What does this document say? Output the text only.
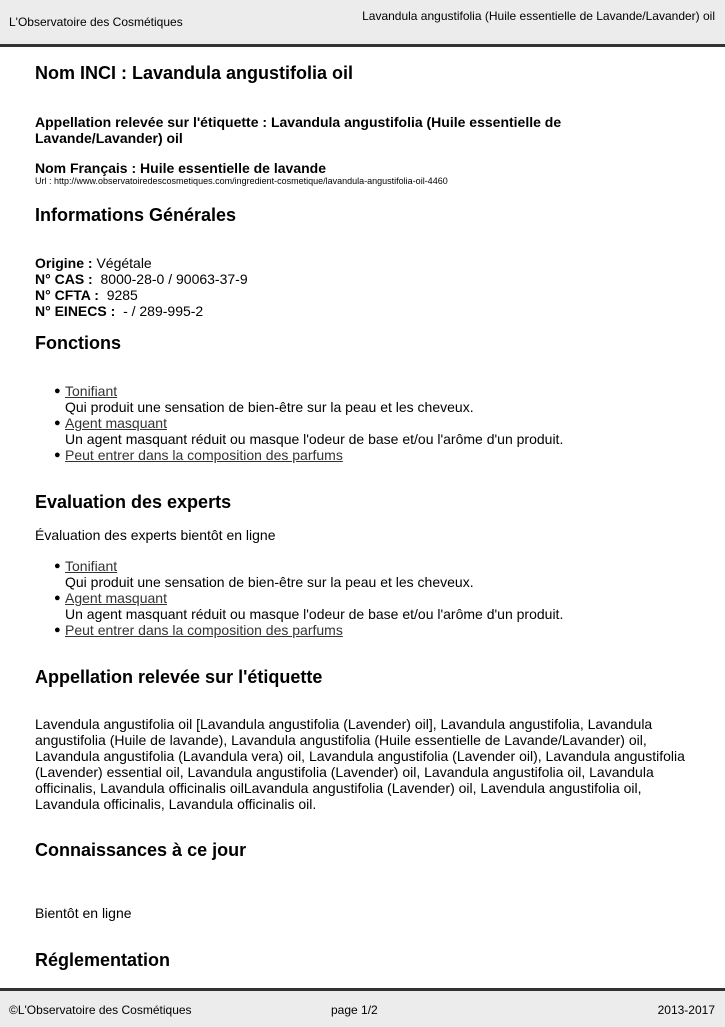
L'Observatoire des Cosmétiques	Lavandula angustifolia (Huile essentielle de Lavande/Lavander) oil
Nom INCI : Lavandula angustifolia oil
Appellation relevée sur l'étiquette : Lavandula angustifolia (Huile essentielle de Lavande/Lavander) oil
Nom Français : Huile essentielle de lavande
Url : http://www.observatoiredescosmetiques.com/ingredient-cosmetique/lavandula-angustifolia-oil-4460
Informations Générales
Origine : Végétale
N° CAS : 8000-28-0 / 90063-37-9
N° CFTA : 9285
N° EINECS : - / 289-995-2
Fonctions
● Tonifiant
Qui produit une sensation de bien-être sur la peau et les cheveux.
● Agent masquant
Un agent masquant réduit ou masque l'odeur de base et/ou l'arôme d'un produit.
● Peut entrer dans la composition des parfums
Evaluation des experts
Évaluation des experts bientôt en ligne
● Tonifiant
Qui produit une sensation de bien-être sur la peau et les cheveux.
● Agent masquant
Un agent masquant réduit ou masque l'odeur de base et/ou l'arôme d'un produit.
● Peut entrer dans la composition des parfums
Appellation relevée sur l'étiquette
Lavendula angustifolia oil [Lavandula angustifolia (Lavender) oil], Lavandula angustifolia, Lavandula angustifolia (Huile de lavande), Lavandula angustifolia (Huile essentielle de Lavande/Lavander) oil, Lavandula angustifolia (Lavandula vera) oil, Lavandula angustifolia (Lavender oil), Lavandula angustifolia (Lavender) essential oil, Lavandula angustifolia (Lavender) oil, Lavandula angustifolia oil, Lavandula officinalis, Lavandula officinalis oilLavandula angustifolia (Lavender) oil, Lavendula angustifolia oil, Lavandula officinalis, Lavandula officinalis oil.
Connaissances à ce jour
Bientôt en ligne
Réglementation
©L'Observatoire des Cosmétiques	page 1/2	2013-2017
